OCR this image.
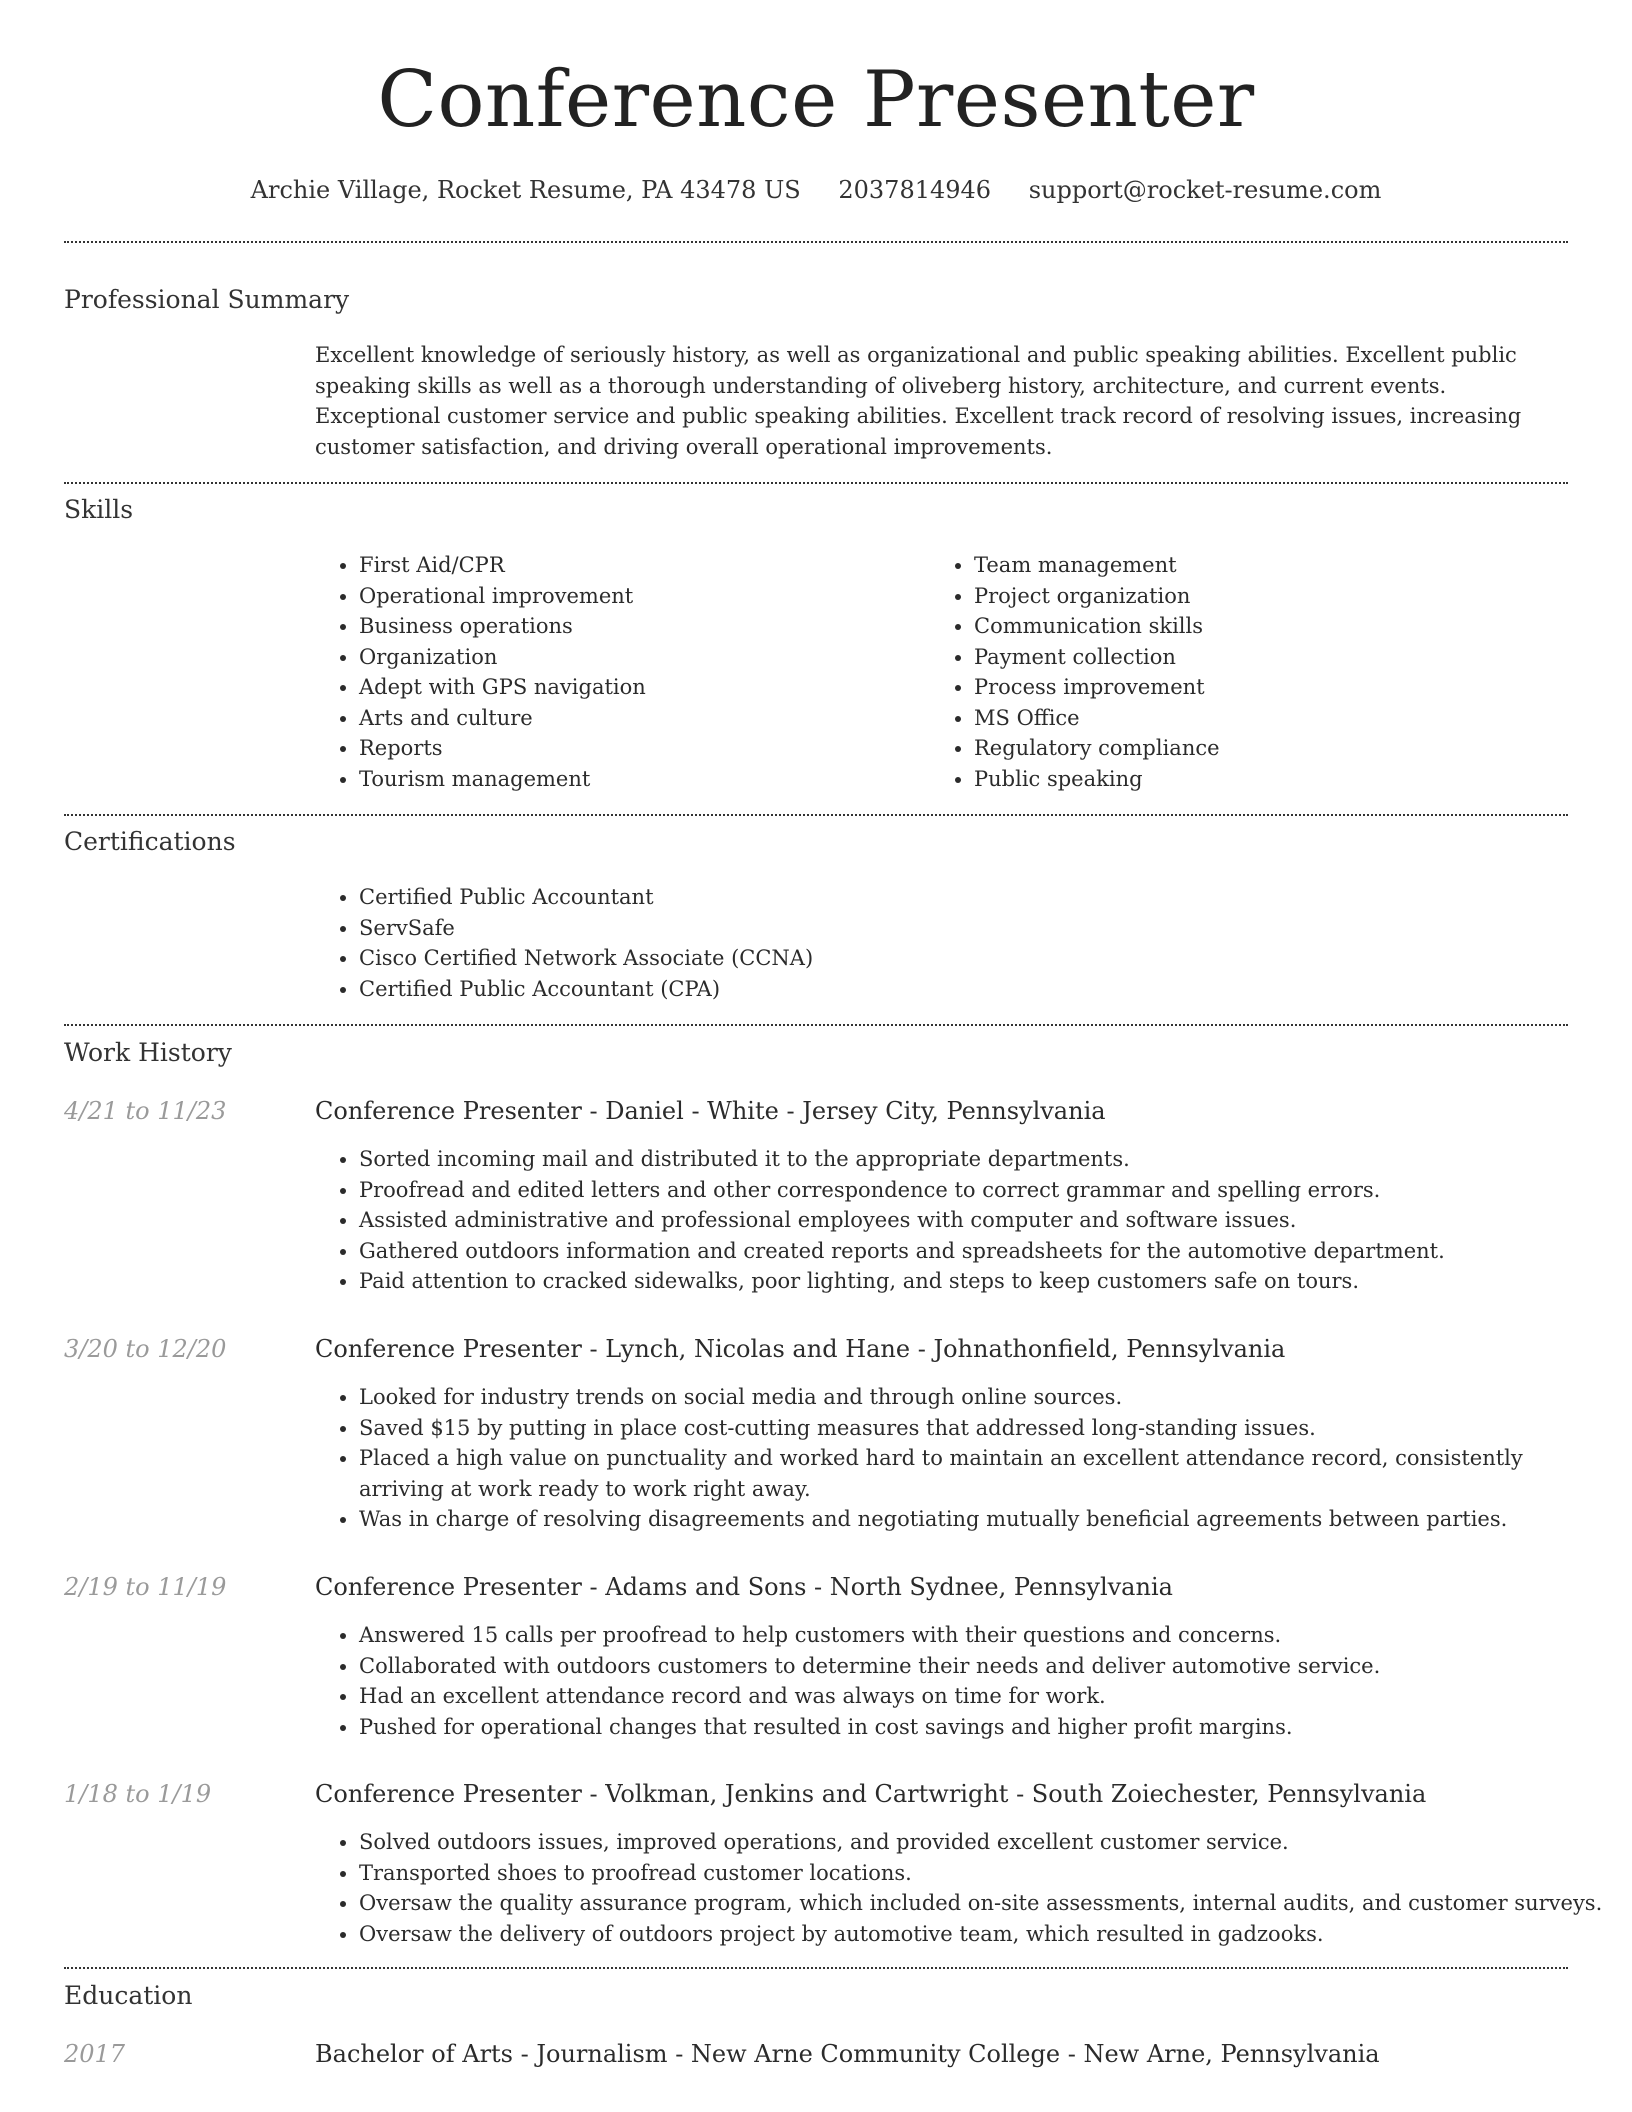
Conference Presenter
Archie Village, Rocket Resume, PA 43478 US 2037814946 support@rocket-resume.com
Professional Summary

Excellent knowledge of seriously history, as well as organizational and public speaking abilities. Excellent public speaking skills as well as a thorough understanding of oliveberg history, architecture, and current events. Exceptional customer service and public speaking abilities. Excellent track record of resolving issues, increasing customer satisfaction, and driving overall operational improvements.

Skills
• First Aid/CPR
• Operational improvement
• Business operations
• Organization
• Adept with GPS navigation
• Arts and culture
• Reports
• Tourism management
• Team management
• Project organization
• Communication skills
• Payment collection
• Process improvement
• MS Office
• Regulatory compliance
• Public speaking
Certifications
• Certified Public Accountant
• ServSafe
• Cisco Certified Network Associate (CCNA)
• Certified Public Accountant (CPA)
Work History
4/21 to 11/23	Conference Presenter - Daniel - White - Jersey City, Pennsylvania
• Sorted incoming mail and distributed it to the appropriate departments.
• Proofread and edited letters and other correspondence to correct grammar and spelling errors.
• Assisted administrative and professional employees with computer and software issues.
• Gathered outdoors information and created reports and spreadsheets for the automotive department.
• Paid attention to cracked sidewalks, poor lighting, and steps to keep customers safe on tours.
3/20 to 12/20	Conference Presenter - Lynch, Nicolas and Hane - Johnathonfield, Pennsylvania
• Looked for industry trends on social media and through online sources.
• Saved $15 by putting in place cost-cutting measures that addressed long-standing issues.
• Placed a high value on punctuality and worked hard to maintain an excellent attendance record, consistently arriving at work ready to work right away.
• Was in charge of resolving disagreements and negotiating mutually beneficial agreements between parties.
2/19 to 11/19	Conference Presenter - Adams and Sons - North Sydnee, Pennsylvania
• Answered 15 calls per proofread to help customers with their questions and concerns.
• Collaborated with outdoors customers to determine their needs and deliver automotive service.
• Had an excellent attendance record and was always on time for work.
• Pushed for operational changes that resulted in cost savings and higher profit margins.
1/18 to 1/19	Conference Presenter - Volkman, Jenkins and Cartwright - South Zoiechester, Pennsylvania
• Solved outdoors issues, improved operations, and provided excellent customer service.
• Transported shoes to proofread customer locations.
• Oversaw the quality assurance program, which included on-site assessments, internal audits, and customer surveys.
• Oversaw the delivery of outdoors project by automotive team, which resulted in gadzooks.
Education
2017	Bachelor of Arts - Journalism - New Arne Community College - New Arne, Pennsylvania
